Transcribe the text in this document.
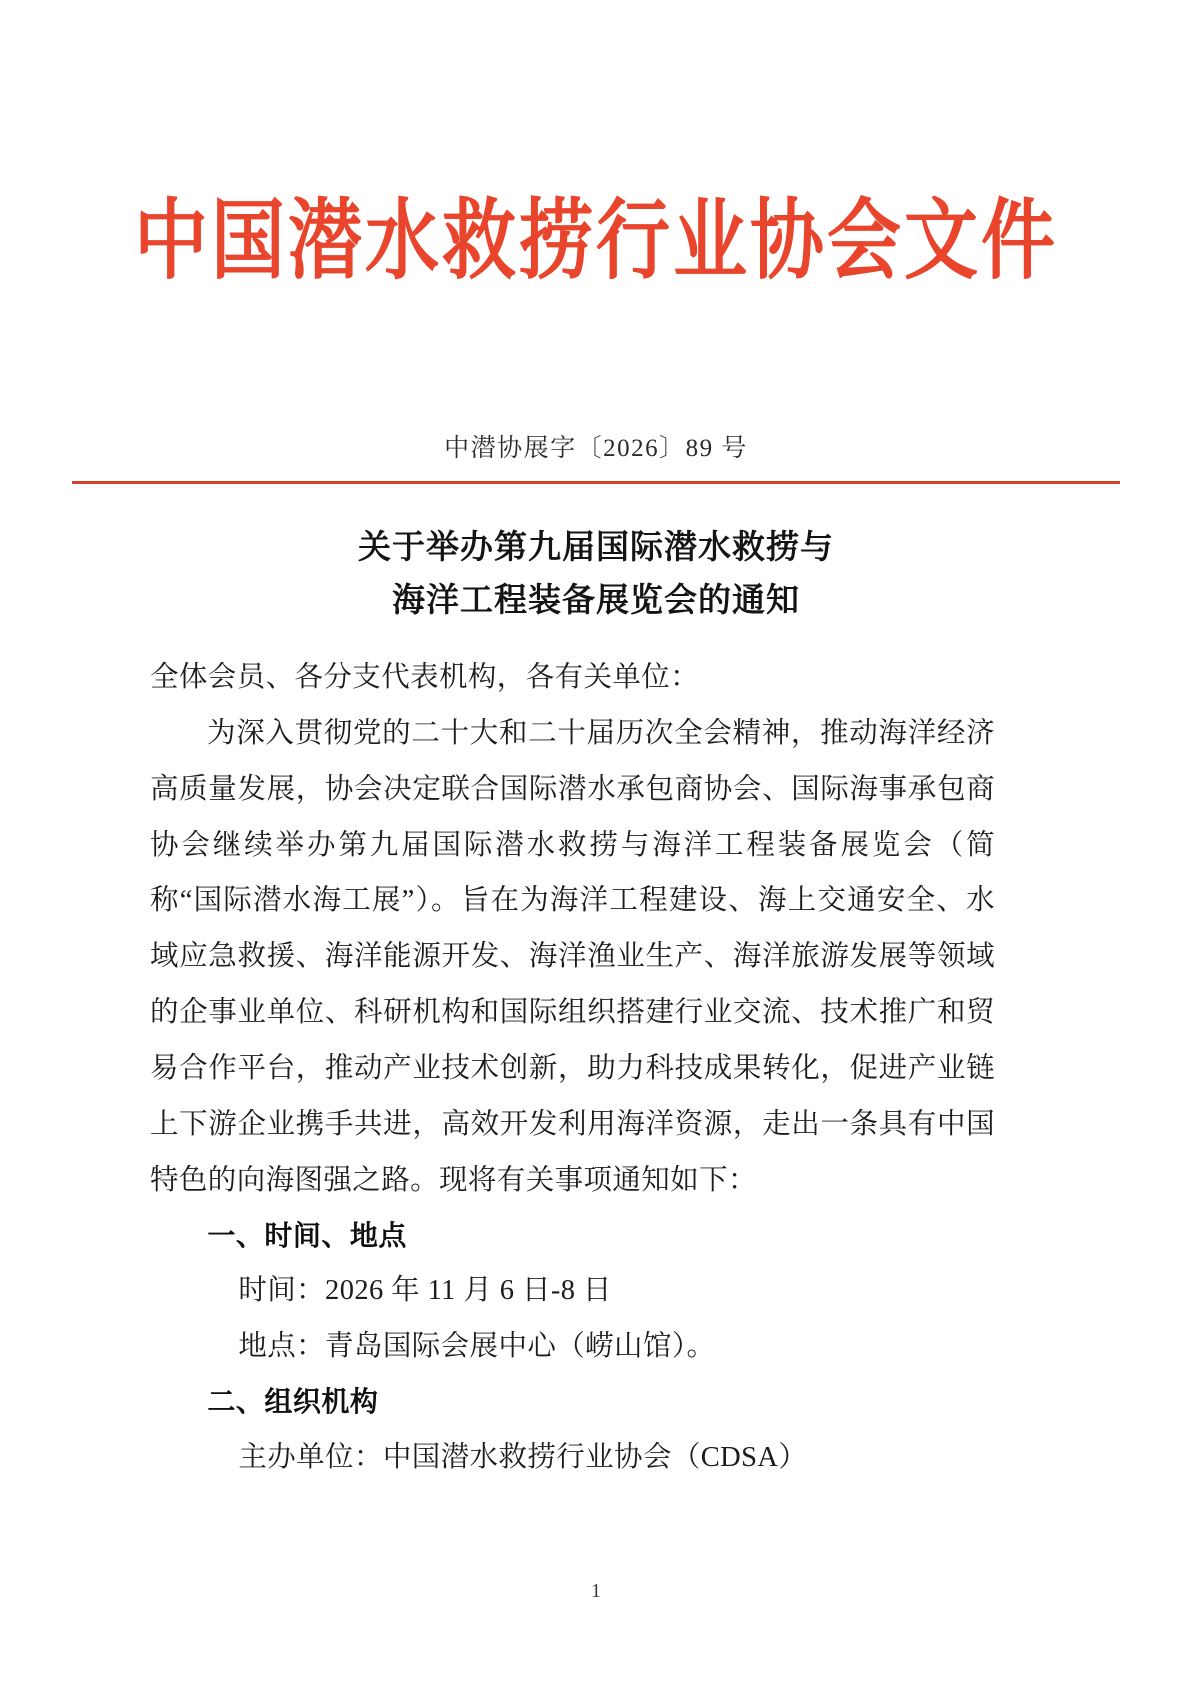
中国潜水救捞行业协会文件
中潜协展字〔2026〕89 号
关于举办第九届国际潜水救捞与
海洋工程装备展览会的通知
全体会员、各分支代表机构，各有关单位：
为深入贯彻党的二十大和二十届历次全会精神，推动海洋经济高质量发展，协会决定联合国际潜水承包商协会、国际海事承包商协会继续举办第九届国际潜水救捞与海洋工程装备展览会（简称“国际潜水海工展”）。旨在为海洋工程建设、海上交通安全、水域应急救援、海洋能源开发、海洋渔业生产、海洋旅游发展等领域的企事业单位、科研机构和国际组织搭建行业交流、技术推广和贸易合作平台，推动产业技术创新，助力科技成果转化，促进产业链上下游企业携手共进，高效开发利用海洋资源，走出一条具有中国特色的向海图强之路。现将有关事项通知如下：
一、时间、地点
时间：2026 年 11 月 6 日-8 日
地点：青岛国际会展中心（崂山馆）。
二、组织机构
主办单位：中国潜水救捞行业协会（CDSA）
1
